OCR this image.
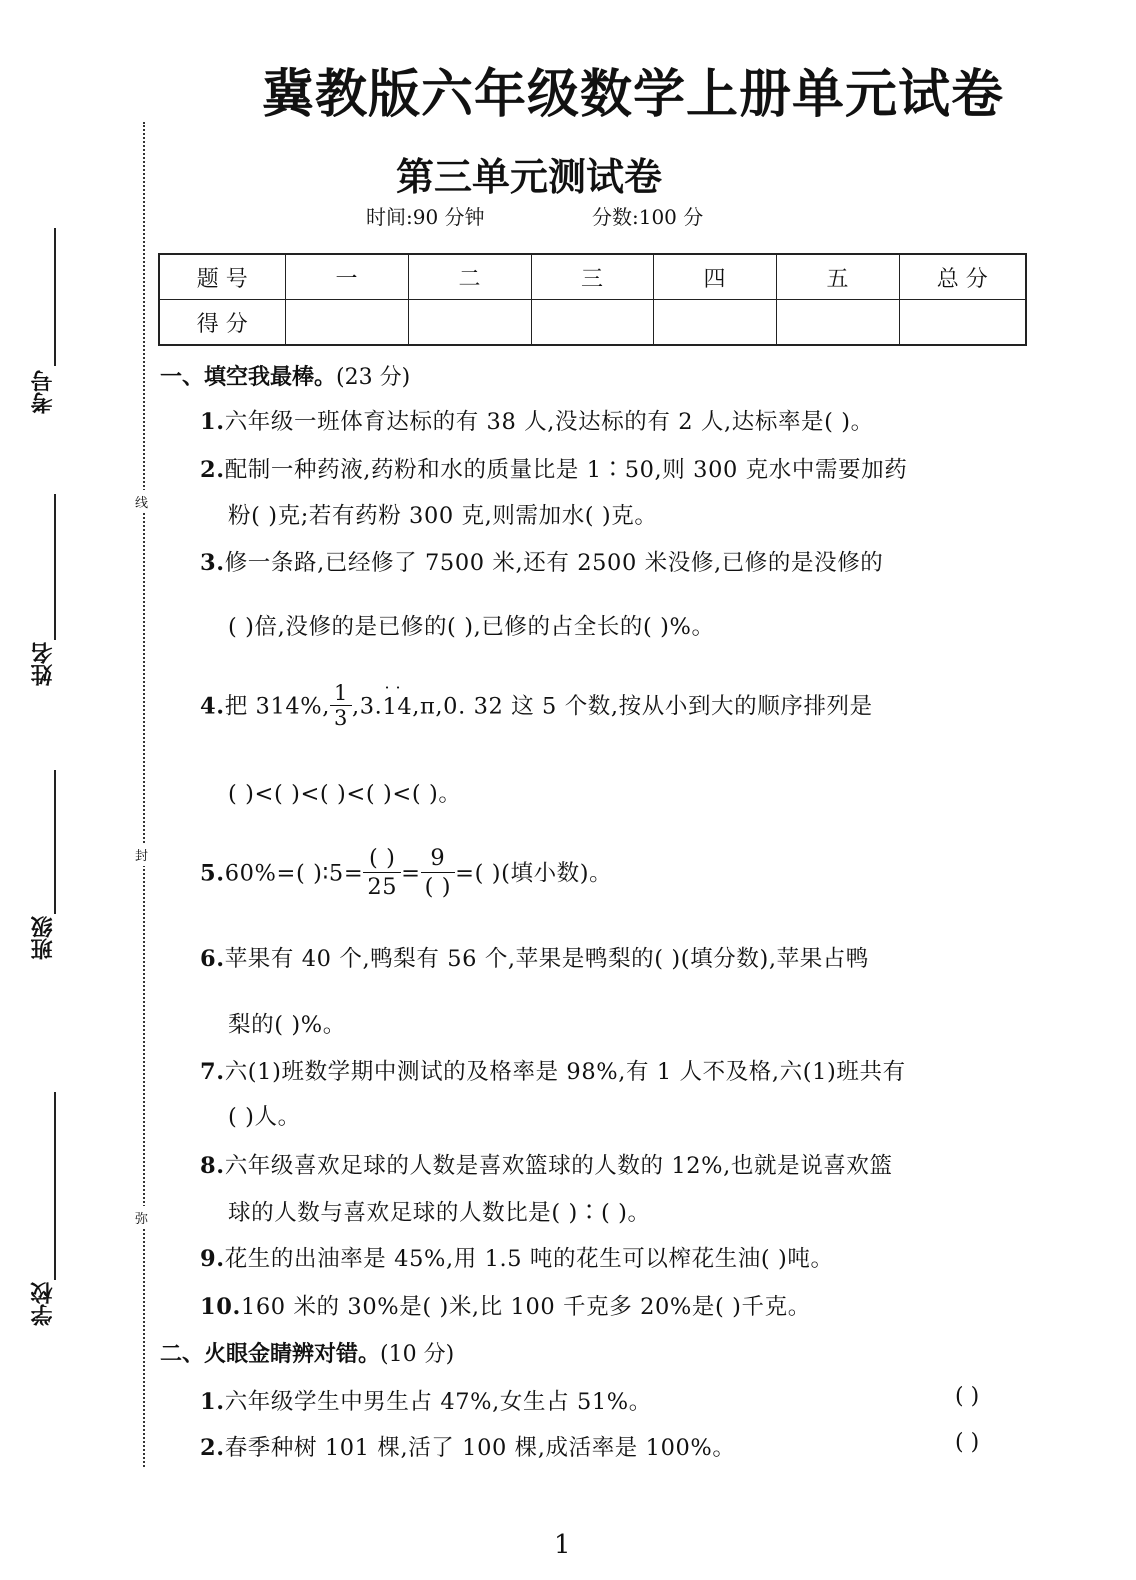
冀教版六年级数学上册单元试卷
第三单元测试卷
时间:90 分钟	分数:100 分
题 号	一	二	三	四	五	总 分
得 分						
线
封
弥
考号
姓名
班级
学校
一、填空我最棒。(23 分)
1.六年级一班体育达标的有 38 人,没达标的有 2 人,达标率是( )。
2.配制一种药液,药粉和水的质量比是 1∶50,则 300 克水中需要加药
粉( )克;若有药粉 300 克,则需加水( )克。
3.修一条路,已经修了 7500 米,还有 2500 米没修,已修的是没修的
( )倍,没修的是已修的( ),已修的占全长的( )%。
4.把 314%, $\frac{1}{3} ,3$.
··
14,π,0. 32 这 5 个数,按从小到大的顺序排列是
( )<( )<( )<( )<( )。
5.60%=( )∶5= $\frac{( )}{25} = \frac{9}{( )}$ =( )(填小数)。
6.苹果有 40 个,鸭梨有 56 个,苹果是鸭梨的( )(填分数),苹果占鸭
梨的( )%。
7.六(1)班数学期中测试的及格率是 98%,有 1 人不及格,六(1)班共有
( )人。
8.六年级喜欢足球的人数是喜欢篮球的人数的 12%,也就是说喜欢篮
球的人数与喜欢足球的人数比是( )∶( )。
9.花生的出油率是 45%,用 1.5 吨的花生可以榨花生油( )吨。
10.160 米的 30%是( )米,比 100 千克多 20%是( )千克。
二、火眼金睛辨对错。(10 分)
1.六年级学生中男生占 47%,女生占 51%。	( )
2.春季种树 101 棵,活了 100 棵,成活率是 100%。	( )
1
